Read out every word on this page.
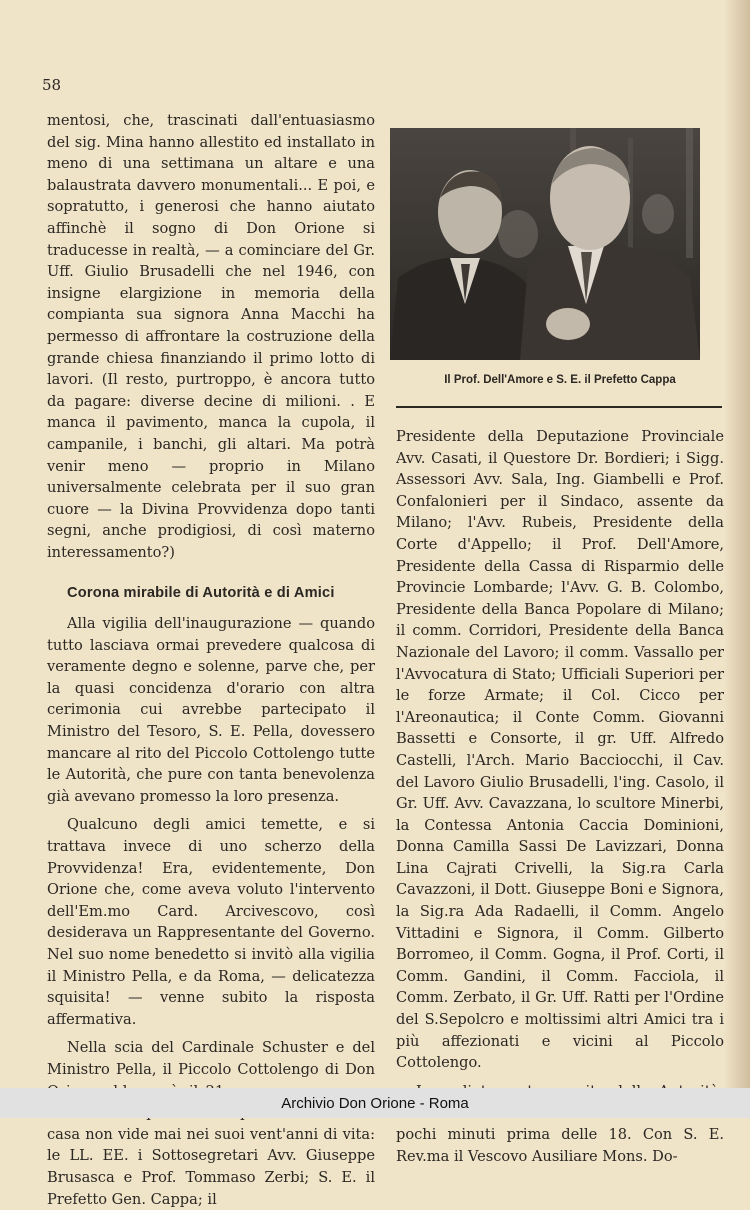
58

mentosi, che, trascinati dall'entuasiasmo del sig. Mina hanno allestito ed installato in meno di una settimana un altare e una balaustrata davvero monumentali... E poi, e sopratutto, i generosi che hanno aiutato affinchè il sogno di Don Orione si traducesse in realtà, — a cominciare del Gr. Uff. Giulio Brusadelli che nel 1946, con insigne elargizione in memoria della compianta sua signora Anna Macchi ha permesso di affrontare la costruzione della grande chiesa finanziando il primo lotto di lavori. (Il resto, purtroppo, è ancora tutto da pagare: diverse decine di milioni. . E manca il pavimento, manca la cupola, il campanile, i banchi, gli altari. Ma potrà venir meno — proprio in Milano universalmente celebrata per il suo gran cuore — la Divina Provvidenza dopo tanti segni, anche prodigiosi, di così materno interessamento?)

Corona mirabile di Autorità e di Amici

Alla vigilia dell'inaugurazione — quando tutto lasciava ormai prevedere qualcosa di veramente degno e solenne, parve che, per la quasi concidenza d'orario con altra cerimonia cui avrebbe partecipato il Ministro del Tesoro, S. E. Pella, dovessero mancare al rito del Piccolo Cottolengo tutte le Autorità, che pure con tanta benevolenza già avevano promesso la loro presenza.

Qualcuno degli amici temette, e si trattava invece di uno scherzo della Provvidenza! Era, evidentemente, Don Orione che, come aveva voluto l'intervento dell'Em.mo Card. Arcivescovo, così desiderava un Rappresentante del Governo. Nel suo nome benedetto si invitò alla vigilia il Ministro Pella, e da Roma, — delicatezza squisita! — venne subito la risposta affermativa.

Nella scia del Cardinale Schuster e del Ministro Pella, il Piccolo Cottolengo di Don casa non vide mai nei suoi vent'anni di vita: le LL. EE. i Sottosegretari Avv. Giuseppe Brusasca e Prof. Tommaso Zerbi; S. E. il Prefetto Gen. Cappa; il

Il Prof. Dell'Amore e S. E. il Prefetto Cappa

Presidente della Deputazione Provinciale Avv. Casati, il Questore Dr. Bordieri; i Sigg. Assessori Avv. Sala, Ing. Giambelli e Prof. Confalonieri per il Sindaco, assente da Milano; l'Avv. Rubeis, Presidente della Corte d'Appello; il Prof. Dell'Amore, Presidente della Cassa di Risparmio delle Provincie Lombarde; l'Avv. G. B. Colombo, Presidente della Banca Popolare di Milano; il comm. Corridori, Presidente della Banca Nazionale del Lavoro; il comm. Vassallo per l'Avvocatura di Stato; Ufficiali Superiori per le forze Armate; il Col. Cicco per l'Areonautica; il Conte Comm. Giovanni Bassetti e Consorte, il gr. Uff. Alfredo Castelli, l'Arch. Mario Bacciocchi, il Cav. del Lavoro Giulio Brusadelli, l'ing. Casolo, il Gr. Uff. Avv. Cavazzana, lo scultore Minerbi, la Contessa Antonia Caccia Dominioni, Donna Camilla Sassi De Lavizzari, Donna Lina Cajrati Crivelli, la Sig.ra Carla Cavazzoni, il Dott. Giuseppe Boni e Signora, la Sig.ra Ada Radaelli, il Comm. Angelo Vittadini e Signora, il Comm. Gilberto Borromeo, il Comm. Gogna, il Prof. Corti, il Comm. Gandini, il Comm. Facciola, il Comm. Zerbato, il Gr. Uff. Ratti per l'Ordine del S.Sepolcro e moltissimi altri Amici tra i più affezionati e vicini al Piccolo Cottolengo.

pochi minuti prima delle 18. Con S. E. Rev.ma il Vescovo Ausiliare Mons. Do-

Archivio Don Orione - Roma
